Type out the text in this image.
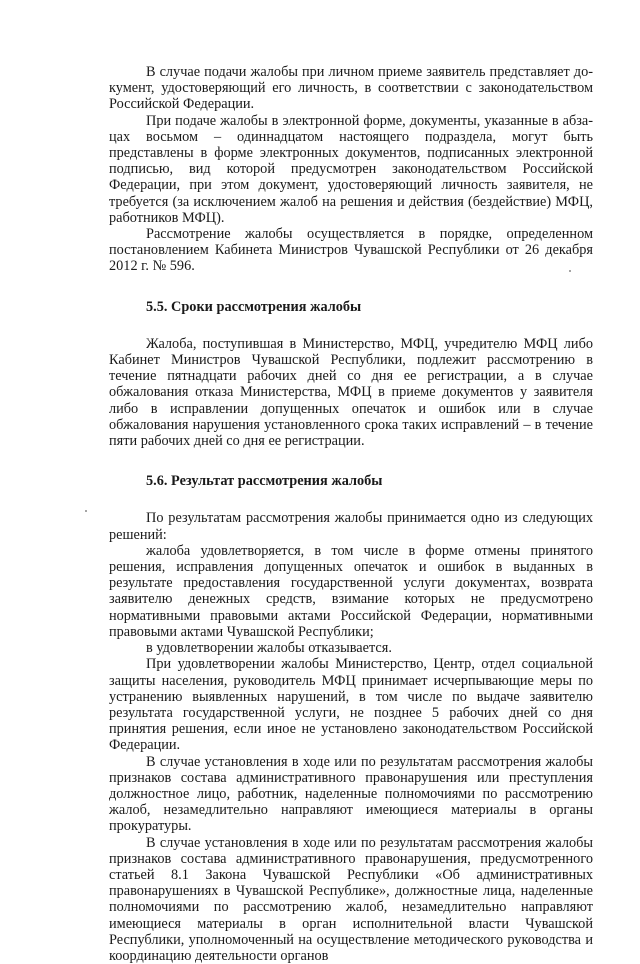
В случае подачи жалобы при личном приеме заявитель представляет документ, удостоверяющий его личность, в соответствии с законодательством Российской Федерации.

При подаче жалобы в электронной форме, документы, указанные в абзацах восьмом – одиннадцатом настоящего подраздела, могут быть представлены в форме электронных документов, подписанных электронной подписью, вид которой предусмотрен законодательством Российской Федерации, при этом документ, удостоверяющий личность заявителя, не требуется (за исключением жалоб на решения и действия (бездействие) МФЦ, работников МФЦ).

Рассмотрение жалобы осуществляется в порядке, определенном постановлением Кабинета Министров Чувашской Республики от 26 декабря 2012 г. № 596.

5.5. Сроки рассмотрения жалобы

Жалоба, поступившая в Министерство, МФЦ, учредителю МФЦ либо Кабинет Министров Чувашской Республики, подлежит рассмотрению в течение пятнадцати рабочих дней со дня ее регистрации, а в случае обжалования отказа Министерства, МФЦ в приеме документов у заявителя либо в исправлении допущенных опечаток и ошибок или в случае обжалования нарушения установленного срока таких исправлений – в течение пяти рабочих дней со дня ее регистрации.

5.6. Результат рассмотрения жалобы

По результатам рассмотрения жалобы принимается одно из следующих решений:

жалоба удовлетворяется, в том числе в форме отмены принятого решения, исправления допущенных опечаток и ошибок в выданных в результате предоставления государственной услуги документах, возврата заявителю денежных средств, взимание которых не предусмотрено нормативными правовыми актами Российской Федерации, нормативными правовыми актами Чувашской Республики;

в удовлетворении жалобы отказывается.

При удовлетворении жалобы Министерство, Центр, отдел социальной защиты населения, руководитель МФЦ принимает исчерпывающие меры по устранению выявленных нарушений, в том числе по выдаче заявителю результата государственной услуги, не позднее 5 рабочих дней со дня принятия решения, если иное не установлено законодательством Российской Федерации.

В случае установления в ходе или по результатам рассмотрения жалобы признаков состава административного правонарушения или преступления должностное лицо, работник, наделенные полномочиями по рассмотрению жалоб, незамедлительно направляют имеющиеся материалы в органы прокуратуры.

В случае установления в ходе или по результатам рассмотрения жалобы признаков состава административного правонарушения, предусмотренного статьей 8.1 Закона Чувашской Республики «Об административных правонарушениях в Чувашской Республике», должностные лица, наделенные полномочиями по рассмотрению жалоб, незамедлительно направляют имеющиеся материалы в орган исполнительной власти Чувашской Республики, уполномоченный на осуществление методического руководства и координацию деятельности органов
